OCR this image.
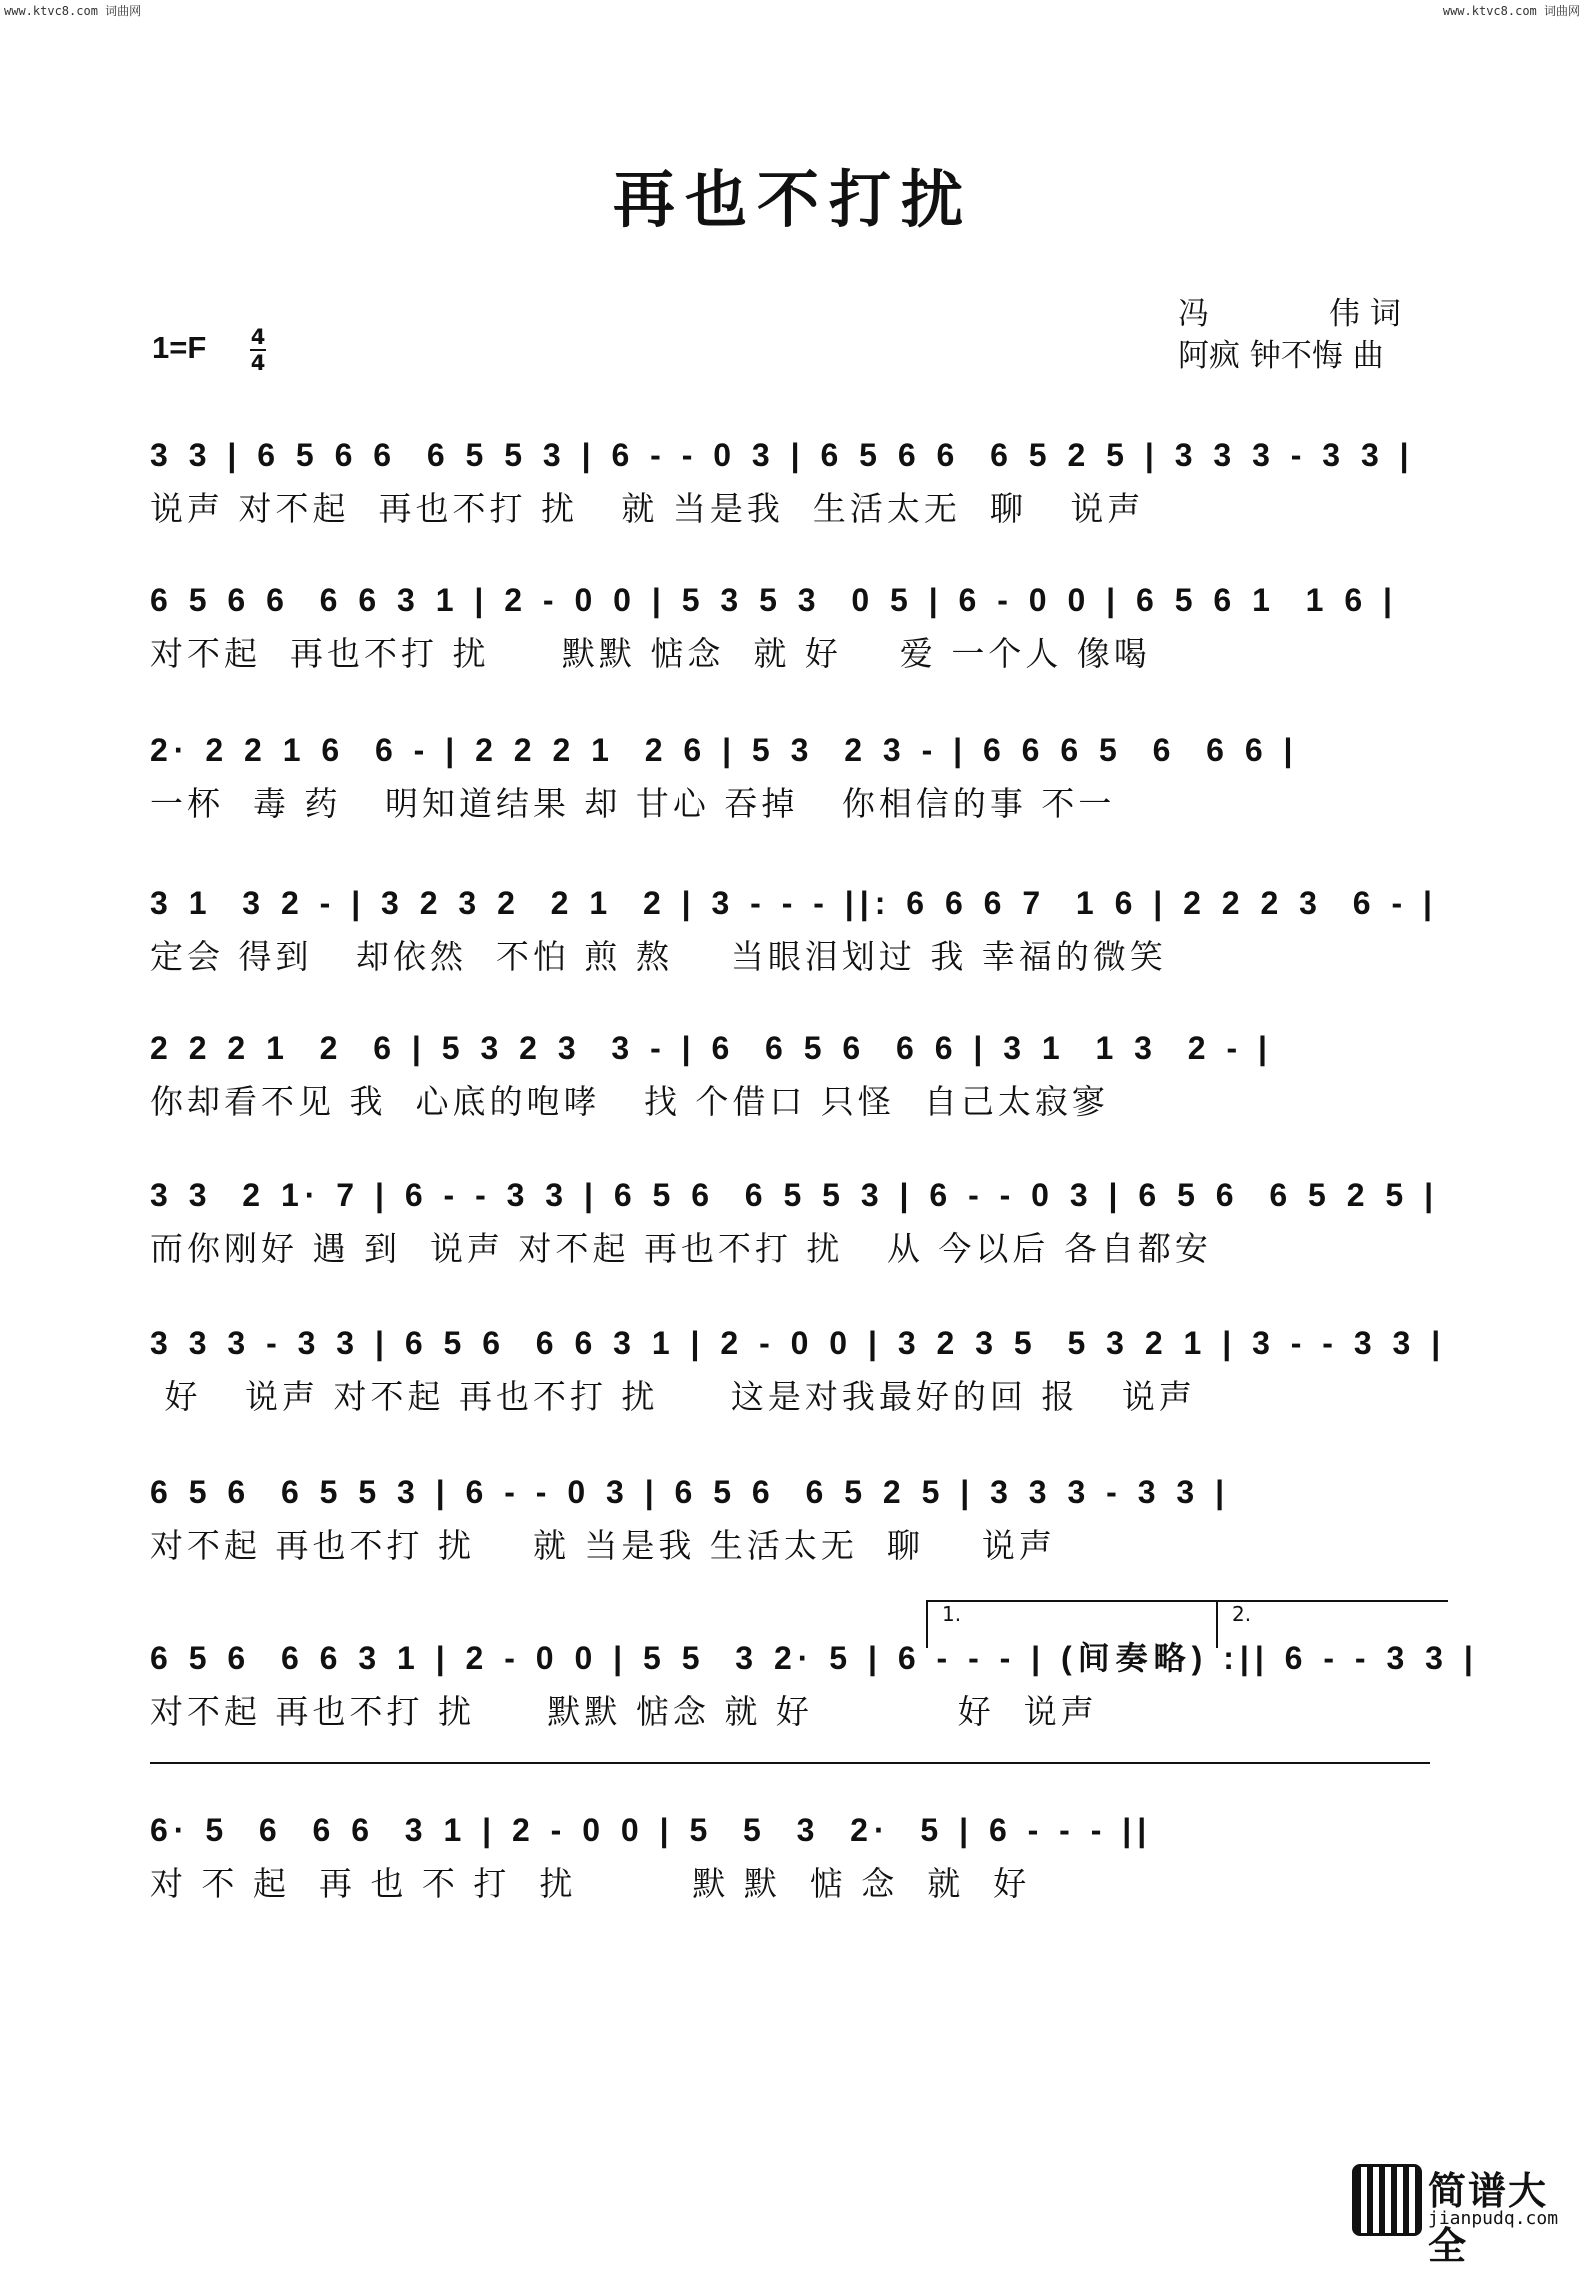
www.ktvc8.com 词曲网	www.ktvc8.com 词曲网
再也不打扰
冯	伟 词
阿疯 钟不悔 曲
1=F 4
4
3 3 | 6 5 6 6  6 5 5 3 | 6 - - 0 3 | 6 5 6 6  6 5 2 5 | 3 3 3 - 3 3 |
说声 对不起  再也不打 扰   就 当是我  生活太无  聊   说声
6 5 6 6  6 6 3 1 | 2 - 0 0 | 5 3 5 3  0 5 | 6 - 0 0 | 6 5 6 1  1 6 |
对不起  再也不打 扰     默默 惦念  就 好    爱 一个人 像喝
2· 2 2 1 6  6 - | 2 2 2 1  2 6 | 5 3  2 3 - | 6 6 6 5  6  6 6 |
一杯  毒 药   明知道结果 却 甘心 吞掉   你相信的事 不一
3 1  3 2 - | 3 2 3 2  2 1  2 | 3 - - - ||: 6 6 6 7  1 6 | 2 2 2 3  6 - |
定会 得到   却依然  不怕 煎 熬    当眼泪划过 我 幸福的微笑
2 2 2 1  2  6 | 5 3 2 3  3 - | 6  6 5 6  6 6 | 3 1  1 3  2 - |
你却看不见 我  心底的咆哮   找 个借口 只怪  自己太寂寥
3 3  2 1· 7 | 6 - - 3 3 | 6 5 6  6 5 5 3 | 6 - - 0 3 | 6 5 6  6 5 2 5 |
而你刚好 遇 到  说声 对不起 再也不打 扰   从 今以后 各自都安
3 3 3 - 3 3 | 6 5 6  6 6 3 1 | 2 - 0 0 | 3 2 3 5  5 3 2 1 | 3 - - 3 3 |
好   说声 对不起 再也不打 扰     这是对我最好的回 报   说声
6 5 6  6 5 5 3 | 6 - - 0 3 | 6 5 6  6 5 2 5 | 3 3 3 - 3 3 |
对不起 再也不打 扰    就 当是我 生活太无  聊    说声
1.	2.
6 5 6  6 6 3 1 | 2 - 0 0 | 5 5  3 2· 5 | 6 - - - | (间奏略) :|| 6 - - 3 3 |
对不起 再也不打 扰     默默 惦念 就 好          好  说声
6· 5  6  6 6  3 1 | 2 - 0 0 | 5  5  3  2·  5 | 6 - - - ||
对 不 起  再 也 不 打  扰        默 默  惦 念  就  好
简谱大全
jianpudq.com
